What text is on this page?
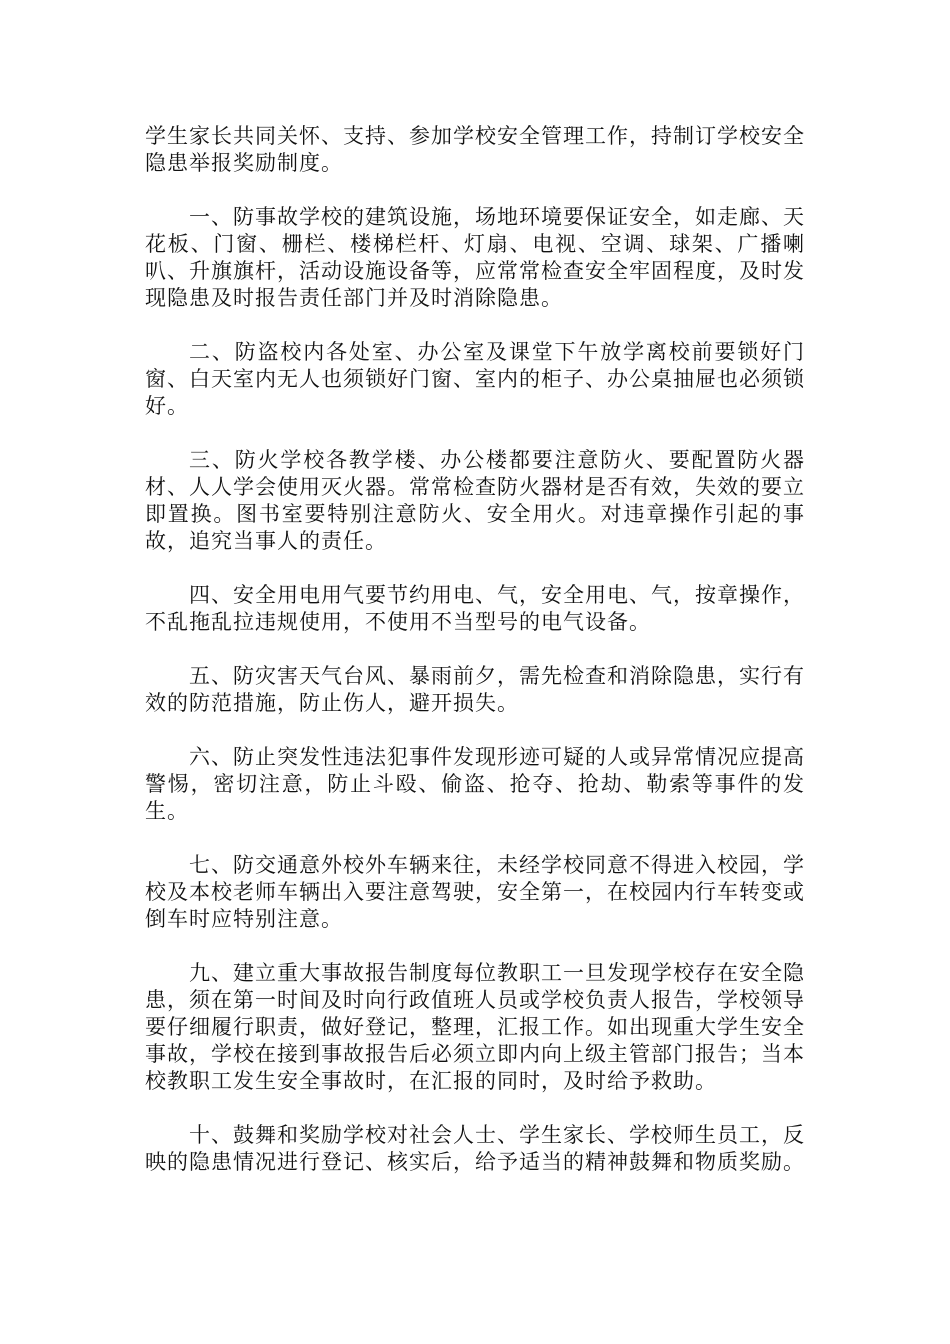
学生家长共同关怀、支持、参加学校安全管理工作，持制订学校安全隐患举报奖励制度。

一、防事故学校的建筑设施，场地环境要保证安全，如走廊、天花板、门窗、栅栏、楼梯栏杆、灯扇、电视、空调、球架、广播喇叭、升旗旗杆，活动设施设备等，应常常检查安全牢固程度，及时发现隐患及时报告责任部门并及时消除隐患。

二、防盗校内各处室、办公室及课堂下午放学离校前要锁好门窗、白天室内无人也须锁好门窗、室内的柜子、办公桌抽屉也必须锁好。

三、防火学校各教学楼、办公楼都要注意防火、要配置防火器材、人人学会使用灭火器。常常检查防火器材是否有效，失效的要立即置换。图书室要特别注意防火、安全用火。对违章操作引起的事故，追究当事人的责任。

四、安全用电用气要节约用电、气，安全用电、气，按章操作，不乱拖乱拉违规使用，不使用不当型号的电气设备。

五、防灾害天气台风、暴雨前夕，需先检查和消除隐患，实行有效的防范措施，防止伤人，避开损失。

六、防止突发性违法犯事件发现形迹可疑的人或异常情况应提高警惕，密切注意，防止斗殴、偷盗、抢夺、抢劫、勒索等事件的发生。

七、防交通意外校外车辆来往，未经学校同意不得进入校园，学校及本校老师车辆出入要注意驾驶，安全第一，在校园内行车转变或倒车时应特别注意。

九、建立重大事故报告制度每位教职工一旦发现学校存在安全隐患，须在第一时间及时向行政值班人员或学校负责人报告，学校领导要仔细履行职责，做好登记，整理，汇报工作。如出现重大学生安全事故，学校在接到事故报告后必须立即内向上级主管部门报告；当本校教职工发生安全事故时，在汇报的同时，及时给予救助。

十、鼓舞和奖励学校对社会人士、学生家长、学校师生员工，反映的隐患情况进行登记、核实后，给予适当的精神鼓舞和物质奖励。
